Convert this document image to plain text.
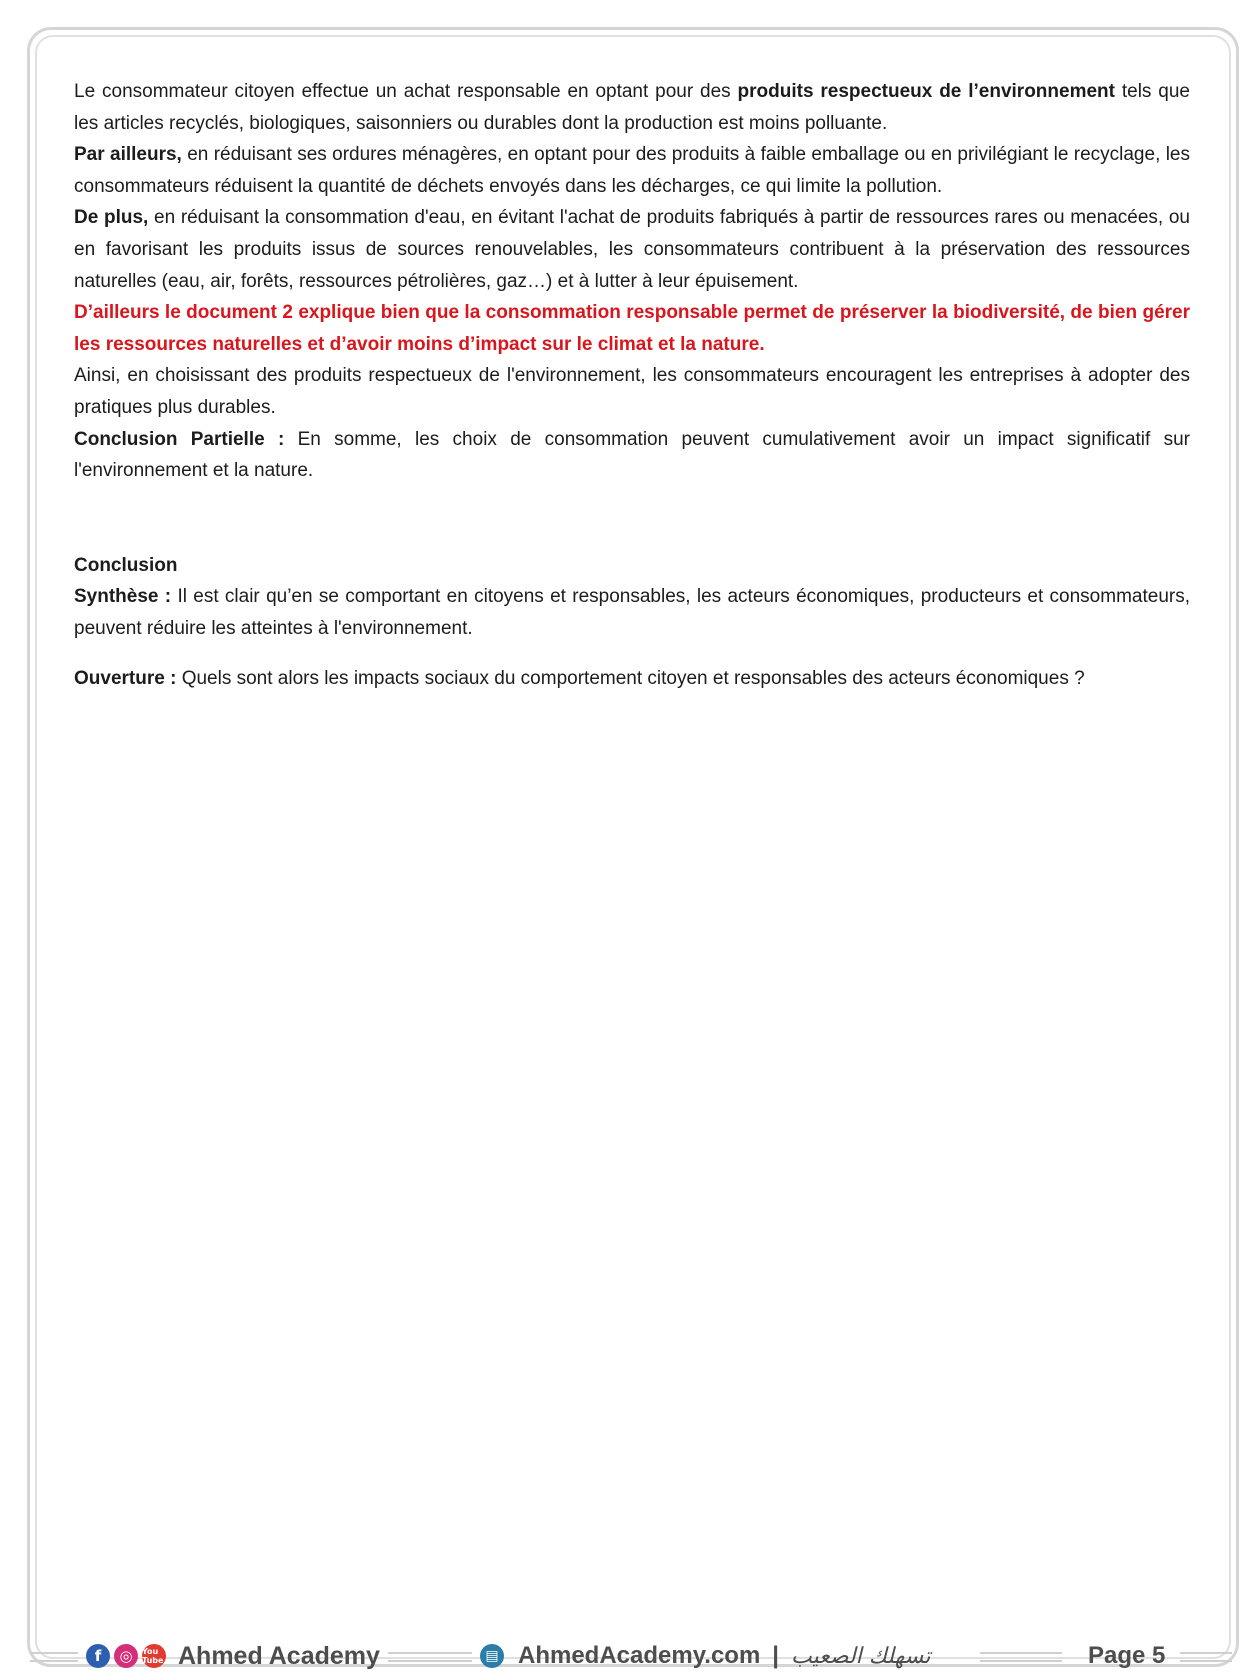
Le consommateur citoyen effectue un achat responsable en optant pour des produits respectueux de l’environnement tels que les articles recyclés, biologiques, saisonniers ou durables dont la production est moins polluante.

Par ailleurs, en réduisant ses ordures ménagères, en optant pour des produits à faible emballage ou en privilégiant le recyclage, les consommateurs réduisent la quantité de déchets envoyés dans les décharges, ce qui limite la pollution.

De plus, en réduisant la consommation d'eau, en évitant l'achat de produits fabriqués à partir de ressources rares ou menacées, ou en favorisant les produits issus de sources renouvelables, les consommateurs contribuent à la préservation des ressources naturelles (eau, air, forêts, ressources pétrolières, gaz…) et à lutter à leur épuisement.

D’ailleurs le document 2 explique bien que la consommation responsable permet de préserver la biodiversité, de bien gérer les ressources naturelles et d’avoir moins d’impact sur le climat et la nature.

Ainsi, en choisissant des produits respectueux de l'environnement, les consommateurs encouragent les entreprises à adopter des pratiques plus durables.

Conclusion Partielle : En somme, les choix de consommation peuvent cumulativement avoir un impact significatif sur l'environnement et la nature.

Conclusion

Synthèse : Il est clair qu’en se comportant en citoyens et responsables, les acteurs économiques, producteurs et consommateurs, peuvent réduire les atteintes à l'environnement.

Ouverture : Quels sont alors les impacts sociaux du comportement citoyen et responsables des acteurs économiques ?

f	◎	You Tube Ahmed Academy	▤ AhmedAcademy.com | تسهلك الصعيب	Page 5
